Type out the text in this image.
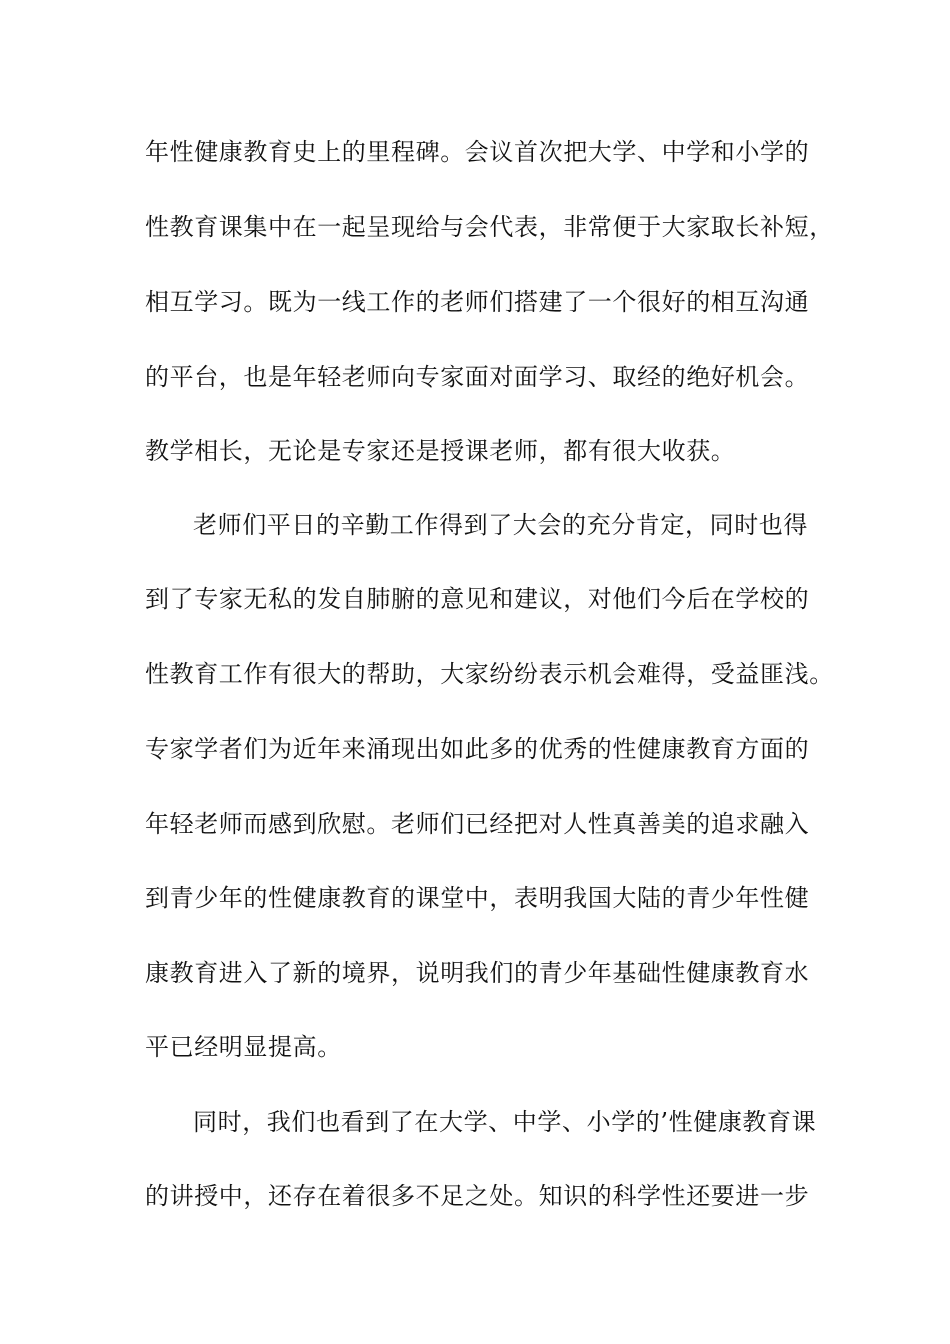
年性健康教育史上的里程碑。会议首次把大学、中学和小学的
性教育课集中在一起呈现给与会代表，非常便于大家取长补短，
相互学习。既为一线工作的老师们搭建了一个很好的相互沟通
的平台，也是年轻老师向专家面对面学习、取经的绝好机会。
教学相长，无论是专家还是授课老师，都有很大收获。
老师们平日的辛勤工作得到了大会的充分肯定，同时也得
到了专家无私的发自肺腑的意见和建议，对他们今后在学校的
性教育工作有很大的帮助，大家纷纷表示机会难得，受益匪浅。
专家学者们为近年来涌现出如此多的优秀的性健康教育方面的
年轻老师而感到欣慰。老师们已经把对人性真善美的追求融入
到青少年的性健康教育的课堂中，表明我国大陆的青少年性健
康教育进入了新的境界，说明我们的青少年基础性健康教育水
平已经明显提高。
同时，我们也看到了在大学、中学、小学的’性健康教育课
的讲授中，还存在着很多不足之处。知识的科学性还要进一步
